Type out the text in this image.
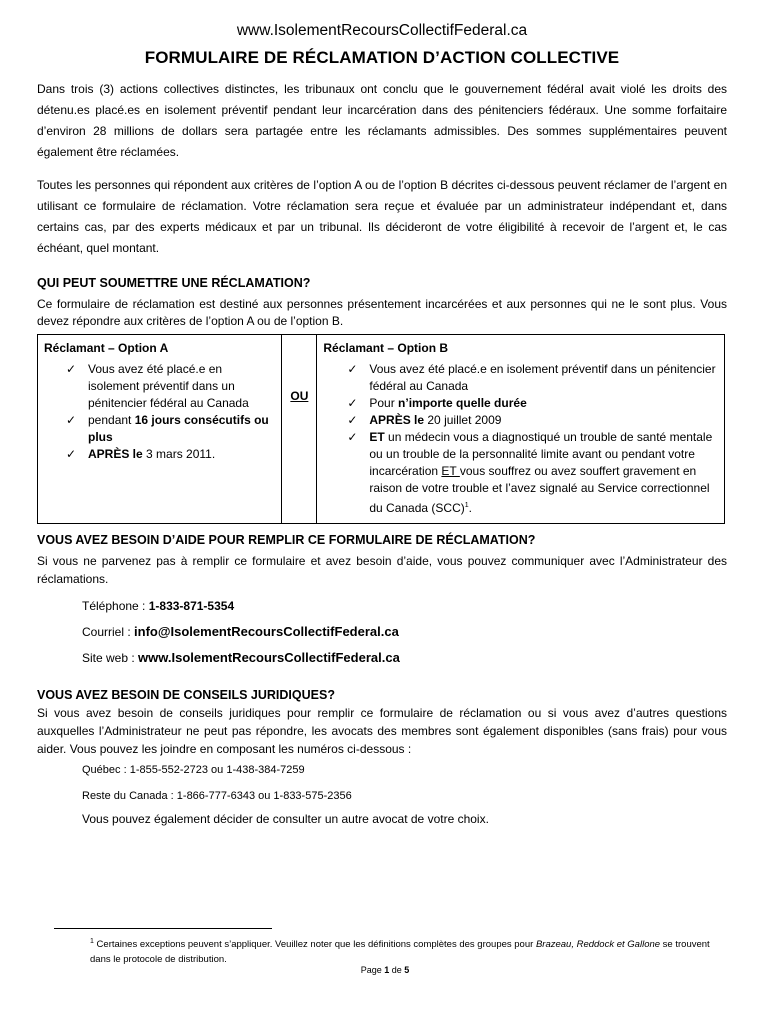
www.IsolementRecoursCollectifFederal.ca
FORMULAIRE DE RÉCLAMATION D’ACTION COLLECTIVE

Dans trois (3) actions collectives distinctes, les tribunaux ont conclu que le gouvernement fédéral avait violé les droits des détenu.es placé.es en isolement préventif pendant leur incarcération dans des pénitenciers fédéraux. Une somme forfaitaire d’environ 28 millions de dollars sera partagée entre les réclamants admissibles. Des sommes supplémentaires peuvent également être réclamées.

Toutes les personnes qui répondent aux critères de l’option A ou de l’option B décrites ci-dessous peuvent réclamer de l’argent en utilisant ce formulaire de réclamation. Votre réclamation sera reçue et évaluée par un administrateur indépendant et, dans certains cas, par des experts médicaux et par un tribunal. Ils décideront de votre éligibilité à recevoir de l’argent et, le cas échéant, quel montant.

QUI PEUT SOUMETTRE UNE RÉCLAMATION?

Ce formulaire de réclamation est destiné aux personnes présentement incarcérées et aux personnes qui ne le sont plus. Vous devez répondre aux critères de l’option A ou de l’option B.

Réclamant – Option A
✓ Vous avez été placé.e en isolement préventif dans un pénitencier fédéral au Canada
✓ pendant 16 jours consécutifs ou plus
✓ APRÈS le 3 mars 2011.
	OU	
Réclamant – Option B
✓ Vous avez été placé.e en isolement préventif dans un pénitencier fédéral au Canada
✓ Pour n’importe quelle durée
✓ APRÈS le 20 juillet 2009
✓ ET un médecin vous a diagnostiqué un trouble de santé mentale ou un trouble de la personnalité limite avant ou pendant votre incarcération ET vous souffrez ou avez souffert gravement en raison de votre trouble et l’avez signalé au Service correctionnel du Canada (SCC)$^1$.
VOUS AVEZ BESOIN D’AIDE POUR REMPLIR CE FORMULAIRE DE RÉCLAMATION?

Si vous ne parvenez pas à remplir ce formulaire et avez besoin d’aide, vous pouvez communiquer avec l’Administrateur des réclamations.

Téléphone : 1-833-871-5354
Courriel : info@IsolementRecoursCollectifFederal.ca
Site web : www.IsolementRecoursCollectifFederal.ca
VOUS AVEZ BESOIN DE CONSEILS JURIDIQUES?

Si vous avez besoin de conseils juridiques pour remplir ce formulaire de réclamation ou si vous avez d’autres questions auxquelles l’Administrateur ne peut pas répondre, les avocats des membres sont également disponibles (sans frais) pour vous aider. Vous pouvez les joindre en composant les numéros ci-dessous :

Québec : 1-855-552-2723 ou 1-438-384-7259
Reste du Canada : 1-866-777-6343 ou 1-833-575-2356
Vous pouvez également décider de consulter un autre avocat de votre choix.
$^1$ Certaines exceptions peuvent s’appliquer. Veuillez noter que les définitions complètes des groupes pour Brazeau, Reddock et Gallone se trouvent dans le protocole de distribution.
Page 1 de 5
